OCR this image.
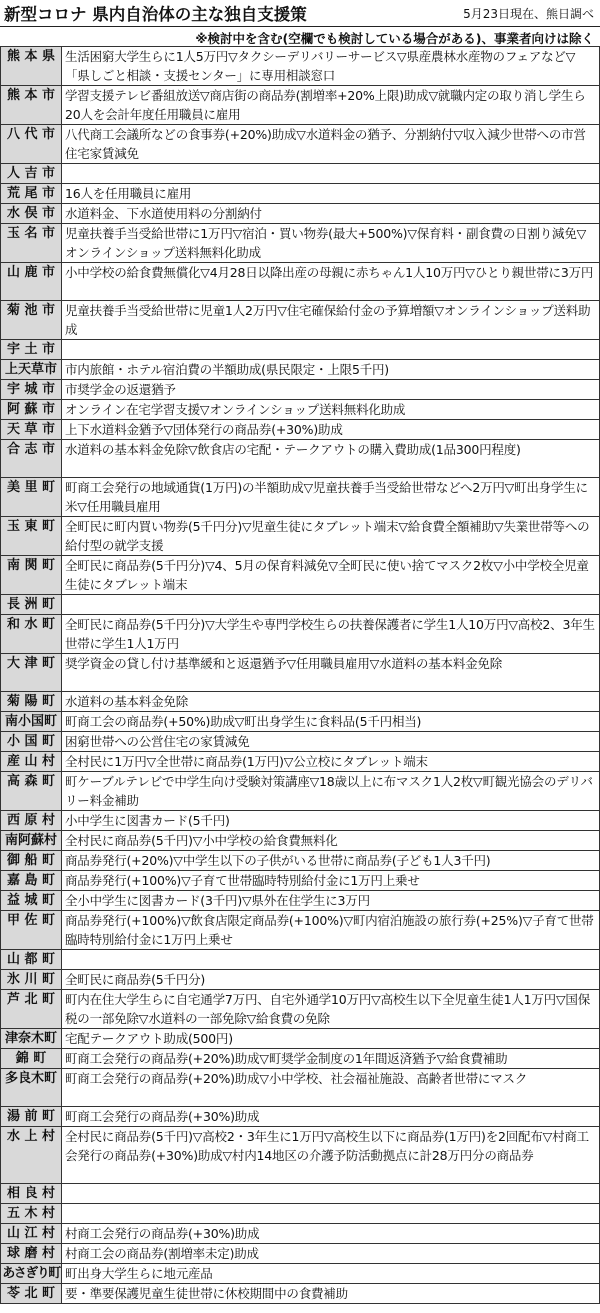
新型コロナ 県内自治体の主な独自支援策	5月23日現在、熊日調べ
※検討中を含む(空欄でも検討している場合がある)、事業者向けは除く
熊 本 県	生活困窮大学生らに1人5万円▽タクシーデリバリーサービス▽県産農林水産物のフェアなど▽「県しごと相談・支援センター」に専用相談窓口
熊 本 市	学習支援テレビ番組放送▽商店街の商品券(割増率+20%上限)助成▽就職内定の取り消し学生ら20人を会計年度任用職員に雇用
八 代 市	八代商工会議所などの食事券(+20%)助成▽水道料金の猶予、分割納付▽収入減少世帯への市営住宅家賃減免
人 吉 市	
荒 尾 市	16人を任用職員に雇用
水 俣 市	水道料金、下水道使用料の分割納付
玉 名 市	児童扶養手当受給世帯に1万円▽宿泊・買い物券(最大+500%)▽保育料・副食費の日割り減免▽オンラインショップ送料無料化助成
山 鹿 市	小中学校の給食費無償化▽4月28日以降出産の母親に赤ちゃん1人10万円▽ひとり親世帯に3万円
菊 池 市	児童扶養手当受給世帯に児童1人2万円▽住宅確保給付金の予算増額▽オンラインショップ送料助成
宇 土 市	
上天草市	市内旅館・ホテル宿泊費の半額助成(県民限定・上限5千円)
宇 城 市	市奨学金の返還猶予
阿 蘇 市	オンライン在宅学習支援▽オンラインショップ送料無料化助成
天 草 市	上下水道料金猶予▽団体発行の商品券(+30%)助成
合 志 市	水道料の基本料金免除▽飲食店の宅配・テークアウトの購入費助成(1品300円程度)
美 里 町	町商工会発行の地域通貨(1万円)の半額助成▽児童扶養手当受給世帯などへ2万円▽町出身学生に米▽任用職員雇用
玉 東 町	全町民に町内買い物券(5千円分)▽児童生徒にタブレット端末▽給食費全額補助▽失業世帯等への給付型の就学支援
南 関 町	全町民に商品券(5千円分)▽4、5月の保育料減免▽全町民に使い捨てマスク2枚▽小中学校全児童生徒にタブレット端末
長 洲 町	
和 水 町	全町民に商品券(5千円分)▽大学生や専門学校生らの扶養保護者に学生1人10万円▽高校2、3年生世帯に学生1人1万円
大 津 町	奨学資金の貸し付け基準緩和と返還猶予▽任用職員雇用▽水道料の基本料金免除
菊 陽 町	水道料の基本料金免除
南小国町	町商工会の商品券(+50%)助成▽町出身学生に食料品(5千円相当)
小 国 町	困窮世帯への公営住宅の家賃減免
産 山 村	全村民に1万円▽全世帯に商品券(1万円)▽公立校にタブレット端末
高 森 町	町ケーブルテレビで中学生向け受験対策講座▽18歳以上に布マスク1人2枚▽町観光協会のデリバリー料金補助
西 原 村	小中学生に図書カード(5千円)
南阿蘇村	全村民に商品券(5千円)▽小中学校の給食費無料化
御 船 町	商品券発行(+20%)▽中学生以下の子供がいる世帯に商品券(子ども1人3千円)
嘉 島 町	商品券発行(+100%)▽子育て世帯臨時特別給付金に1万円上乗せ
益 城 町	全小中学生に図書カード(3千円)▽県外在住学生に3万円
甲 佐 町	商品券発行(+100%)▽飲食店限定商品券(+100%)▽町内宿泊施設の旅行券(+25%)▽子育て世帯臨時特別給付金に1万円上乗せ
山 都 町	
氷 川 町	全町民に商品券(5千円分)
芦 北 町	町内在住大学生らに自宅通学7万円、自宅外通学10万円▽高校生以下全児童生徒1人1万円▽国保税の一部免除▽水道料の一部免除▽給食費の免除
津奈木町	宅配テークアウト助成(500円)
錦 町	町商工会発行の商品券(+20%)助成▽町奨学金制度の1年間返済猶予▽給食費補助
多良木町	町商工会発行の商品券(+20%)助成▽小中学校、社会福祉施設、高齢者世帯にマスク
湯 前 町	町商工会発行の商品券(+30%)助成
水 上 村	全村民に商品券(5千円)▽高校2・3年生に1万円▽高校生以下に商品券(1万円)を2回配布▽村商工会発行の商品券(+30%)助成▽村内14地区の介護予防活動拠点に計28万円分の商品券
相 良 村	
五 木 村	
山 江 村	村商工会発行の商品券(+30%)助成
球 磨 村	村商工会の商品券(割増率未定)助成
あさぎり町	町出身大学生らに地元産品
苓 北 町	要・準要保護児童生徒世帯に休校期間中の食費補助
